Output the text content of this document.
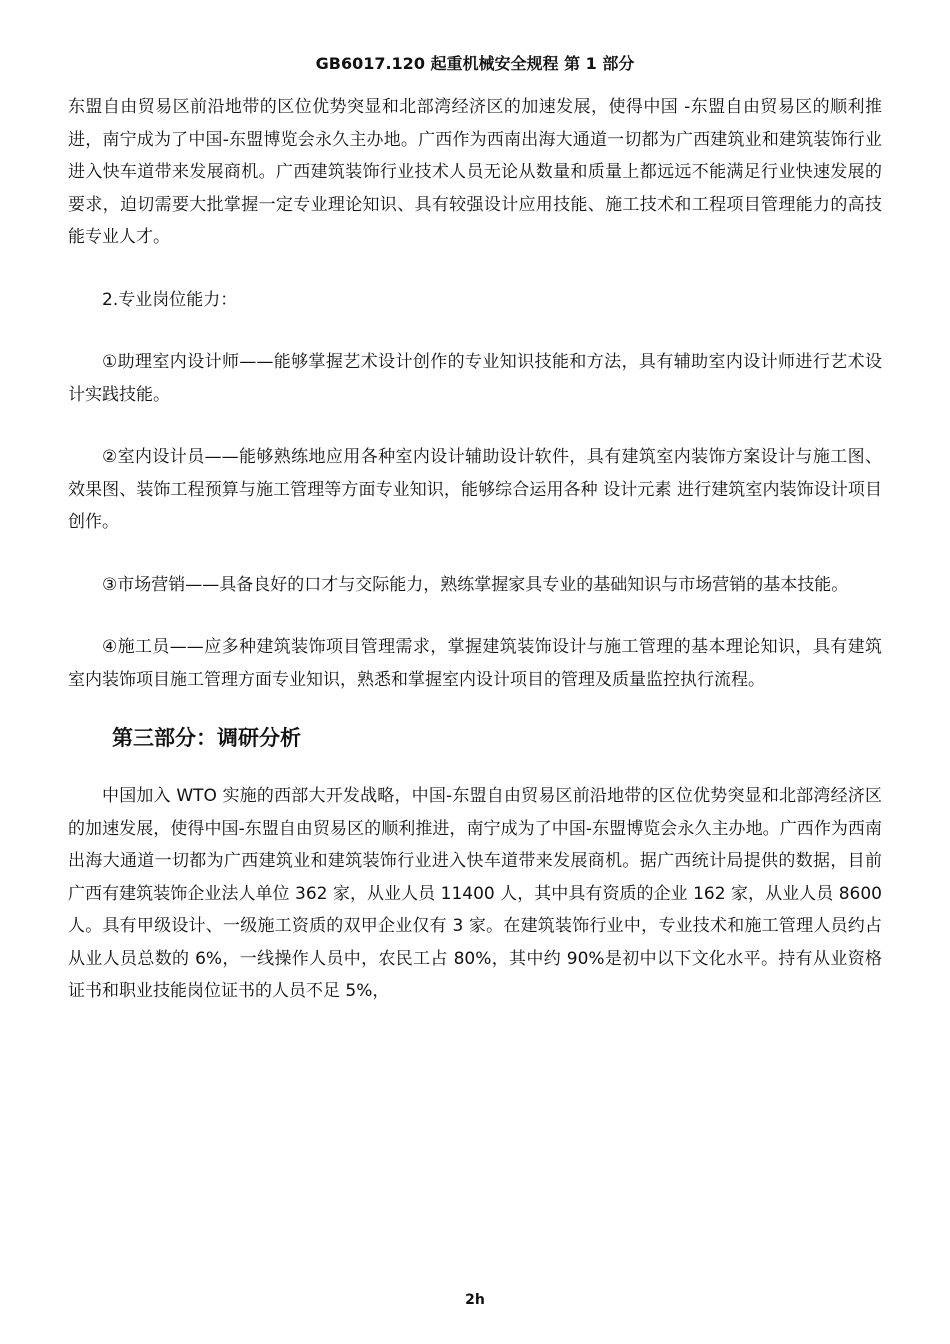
GB6017.120 起重机械安全规程 第 1 部分

东盟自由贸易区前沿地带的区位优势突显和北部湾经济区的加速发展，使得中国 -东盟自由贸易区的顺利推进，南宁成为了中国-东盟博览会永久主办地。广西作为西南出海大通道一切都为广西建筑业和建筑装饰行业进入快车道带来发展商机。广西建筑装饰行业技术人员无论从数量和质量上都远远不能满足行业快速发展的要求，迫切需要大批掌握一定专业理论知识、具有较强设计应用技能、施工技术和工程项目管理能力的高技能专业人才。

2.专业岗位能力：

①助理室内设计师——能够掌握艺术设计创作的专业知识技能和方法，具有辅助室内设计师进行艺术设计实践技能。

②室内设计员——能够熟练地应用各种室内设计辅助设计软件，具有建筑室内装饰方案设计与施工图、效果图、装饰工程预算与施工管理等方面专业知识，能够综合运用各种 设计元素 进行建筑室内装饰设计项目创作。

③市场营销——具备良好的口才与交际能力，熟练掌握家具专业的基础知识与市场营销的基本技能。

④施工员——应多种建筑装饰项目管理需求，掌握建筑装饰设计与施工管理的基本理论知识，具有建筑室内装饰项目施工管理方面专业知识，熟悉和掌握室内设计项目的管理及质量监控执行流程。

第三部分：调研分析

中国加入 WTO 实施的西部大开发战略，中国-东盟自由贸易区前沿地带的区位优势突显和北部湾经济区的加速发展，使得中国-东盟自由贸易区的顺利推进，南宁成为了中国-东盟博览会永久主办地。广西作为西南出海大通道一切都为广西建筑业和建筑装饰行业进入快车道带来发展商机。据广西统计局提供的数据，目前广西有建筑装饰企业法人单位 362 家，从业人员 11400 人，其中具有资质的企业 162 家，从业人员 8600 人。具有甲级设计、一级施工资质的双甲企业仅有 3 家。在建筑装饰行业中，专业技术和施工管理人员约占从业人员总数的 6%，一线操作人员中，农民工占 80%，其中约 90%是初中以下文化水平。持有从业资格证书和职业技能岗位证书的人员不足 5%，

2h
